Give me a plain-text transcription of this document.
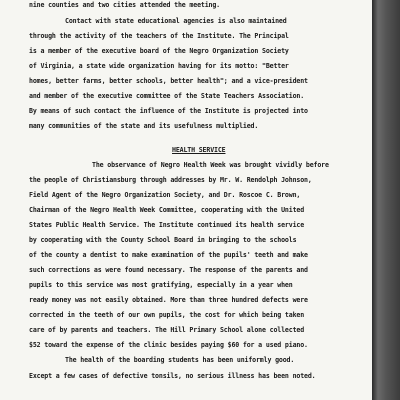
nine counties and two cities attended the meeting.
Contact with state educational agencies is also maintained
through the activity of the teachers of the Institute. The Principal
is a member of the executive board of the Negro Organization Society
of Virginia, a state wide organization having for its motto: "Better
homes, better farms, better schools, better health"; and a vice-president
and member of the executive committee of the State Teachers Association.
By means of such contact the influence of the Institute is projected into
many communities of the state and its usefulness multiplied.
HEALTH SERVICE
The observance of Negro Health Week was brought vividly before
the people of Christiansburg through addresses by Mr. W. Rendolph Johnson,
Field Agent of the Negro Organization Society, and Dr. Roscoe C. Brown,
Chairman of the Negro Health Week Committee, cooperating with the United
States Public Health Service. The Institute continued its health service
by cooperating with the County School Board in bringing to the schools
of the county a dentist to make examination of the pupils' teeth and make
such corrections as were found necessary. The response of the parents and
pupils to this service was most gratifying, especially in a year when
ready money was not easily obtained. More than three hundred defects were
corrected in the teeth of our own pupils, the cost for which being taken
care of by parents and teachers. The Hill Primary School alone collected
$52 toward the expense of the clinic besides paying $60 for a used piano.
The health of the boarding students has been uniformly good.
Except a few cases of defective tonsils, no serious illness has been noted.
